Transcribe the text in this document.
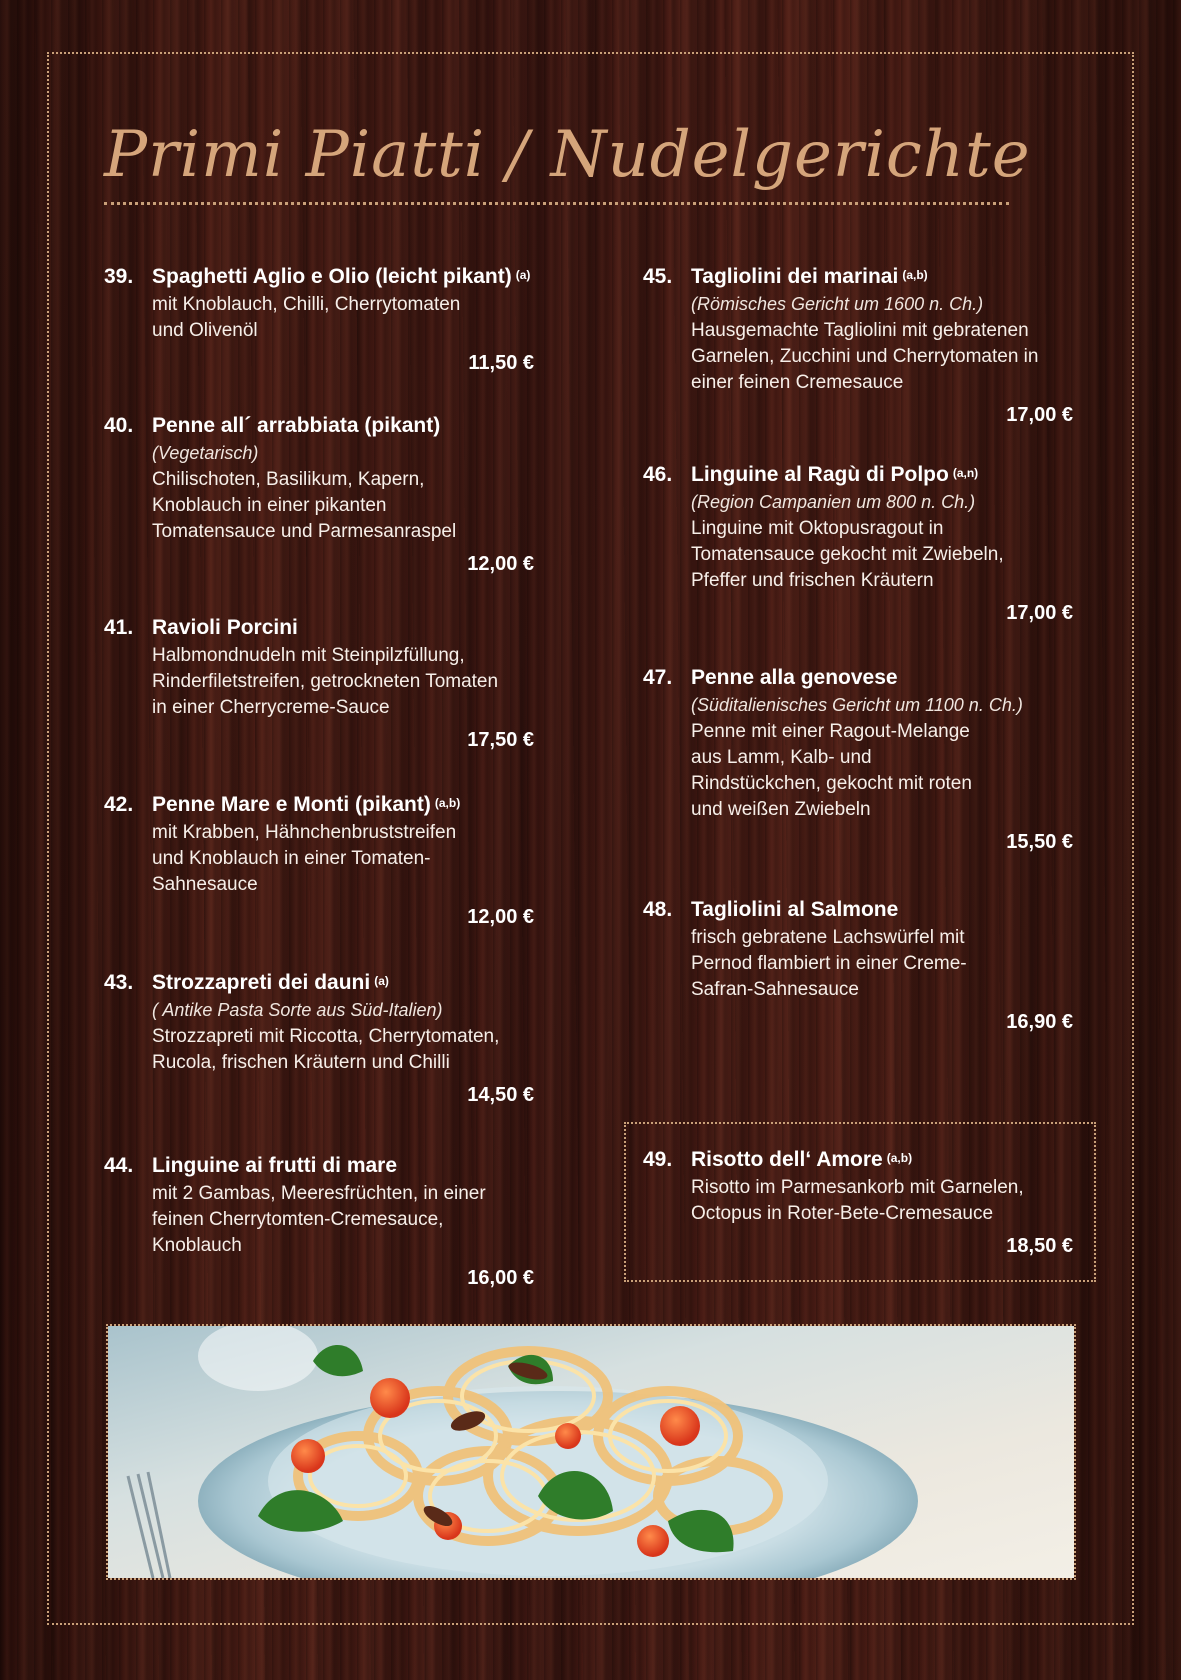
Primi Piatti / Nudelgerichte
39. Spaghetti Aglio e Olio (leicht pikant) $^{(a)}$

mit Knoblauch, Chilli, Cherrytomaten und Olivenöl

11,50 €

40. Penne all´ arrabbiata (pikant)

(Vegetarisch)

Chilischoten, Basilikum, Kapern, Knoblauch in einer pikanten Tomatensauce und Parmesanraspel

12,00 €

41. Ravioli Porcini

Halbmondnudeln mit Steinpilzfüllung, Rinderfiletstreifen, getrockneten Tomaten in einer Cherrycreme-Sauce

17,50 €

42. Penne Mare e Monti (pikant) $^{(a,b)}$

mit Krabben, Hähnchenbruststreifen und Knoblauch in einer Tomaten-Sahnesauce

12,00 €

43. Strozzapreti dei dauni $^{(a)}$

( Antike Pasta Sorte aus Süd-Italien)

Strozzapreti mit Riccotta, Cherrytomaten, Rucola, frischen Kräutern und Chilli

14,50 €

44. Linguine ai frutti di mare

mit 2 Gambas, Meeresfrüchten, in einer feinen Cherrytomten-Cremesauce, Knoblauch

16,00 €

45. Tagliolini dei marinai $^{(a,b)}$

(Römisches Gericht um 1600 n. Ch.)

Hausgemachte Tagliolini mit gebratenen Garnelen, Zucchini und Cherrytomaten in einer feinen Cremesauce

17,00 €

46. Linguine al Ragù di Polpo $^{(a,n)}$

(Region Campanien um 800 n. Ch.)

Linguine mit Oktopusragout in Tomatensauce gekocht mit Zwiebeln, Pfeffer und frischen Kräutern

17,00 €

47. Penne alla genovese

(Süditalienisches Gericht um 1100 n. Ch.)

Penne mit einer Ragout-Melange aus Lamm, Kalb- und Rindstückchen, gekocht mit roten und weißen Zwiebeln

15,50 €

48. Tagliolini al Salmone

frisch gebratene Lachswürfel mit Pernod flambiert in einer Creme-Safran-Sahnesauce

16,90 €

49. Risotto dell‘ Amore $^{(a,b)}$

Risotto im Parmesankorb mit Garnelen, Octopus in Roter-Bete-Cremesauce

18,50 €
